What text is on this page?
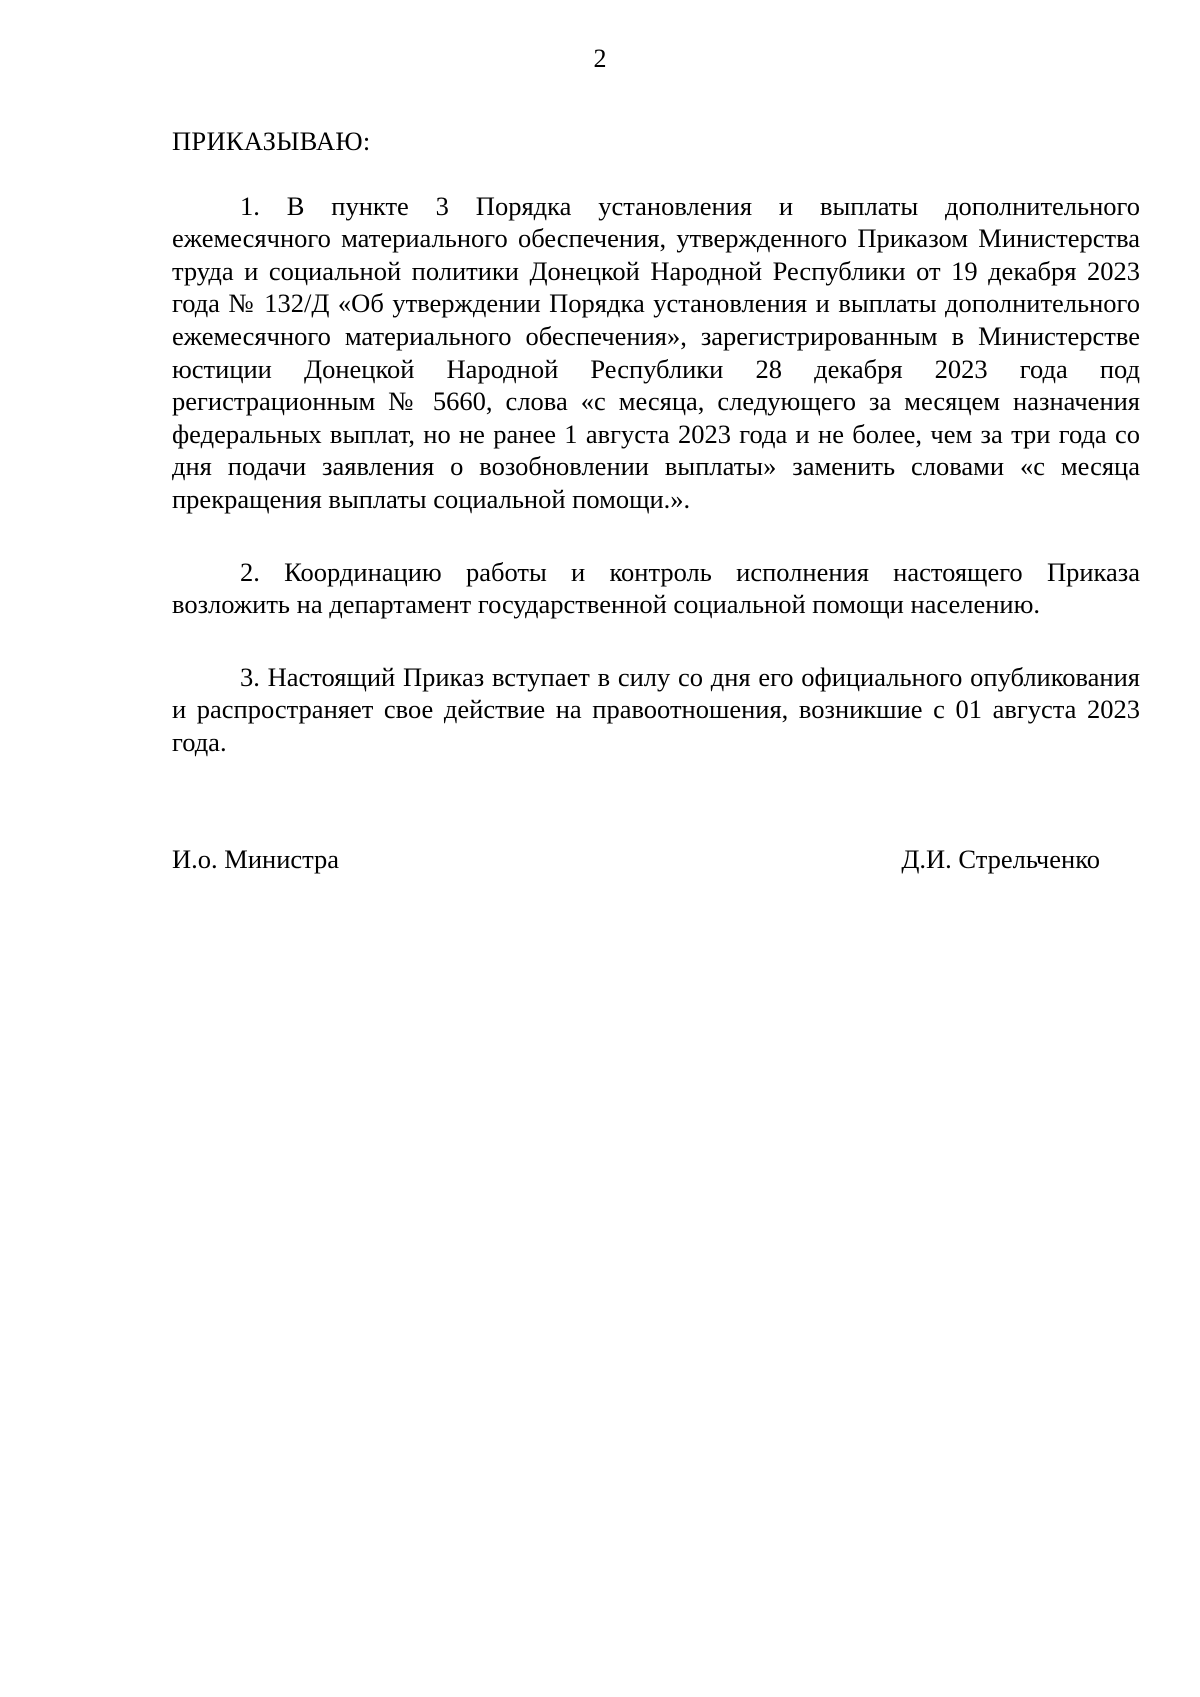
2

ПРИКАЗЫВАЮ:

1. В пункте 3 Порядка установления и выплаты дополнительного ежемесячного материального обеспечения, утвержденного Приказом Министерства труда и социальной политики Донецкой Народной Республики от 19 декабря 2023 года № 132/Д «Об утверждении Порядка установления и выплаты дополнительного ежемесячного материального обеспечения», зарегистрированным в Министерстве юстиции Донецкой Народной Республики 28 декабря 2023 года под регистрационным № 5660, слова «с месяца, следующего за месяцем назначения федеральных выплат, но не ранее 1 августа 2023 года и не более, чем за три года со дня подачи заявления о возобновлении выплаты» заменить словами «с месяца прекращения выплаты социальной помощи.».

2. Координацию работы и контроль исполнения настоящего Приказа возложить на департамент государственной социальной помощи населению.

3. Настоящий Приказ вступает в силу со дня его официального опубликования и распространяет свое действие на правоотношения, возникшие с 01 августа 2023 года.

И.о. Министра	Д.И. Стрельченко
